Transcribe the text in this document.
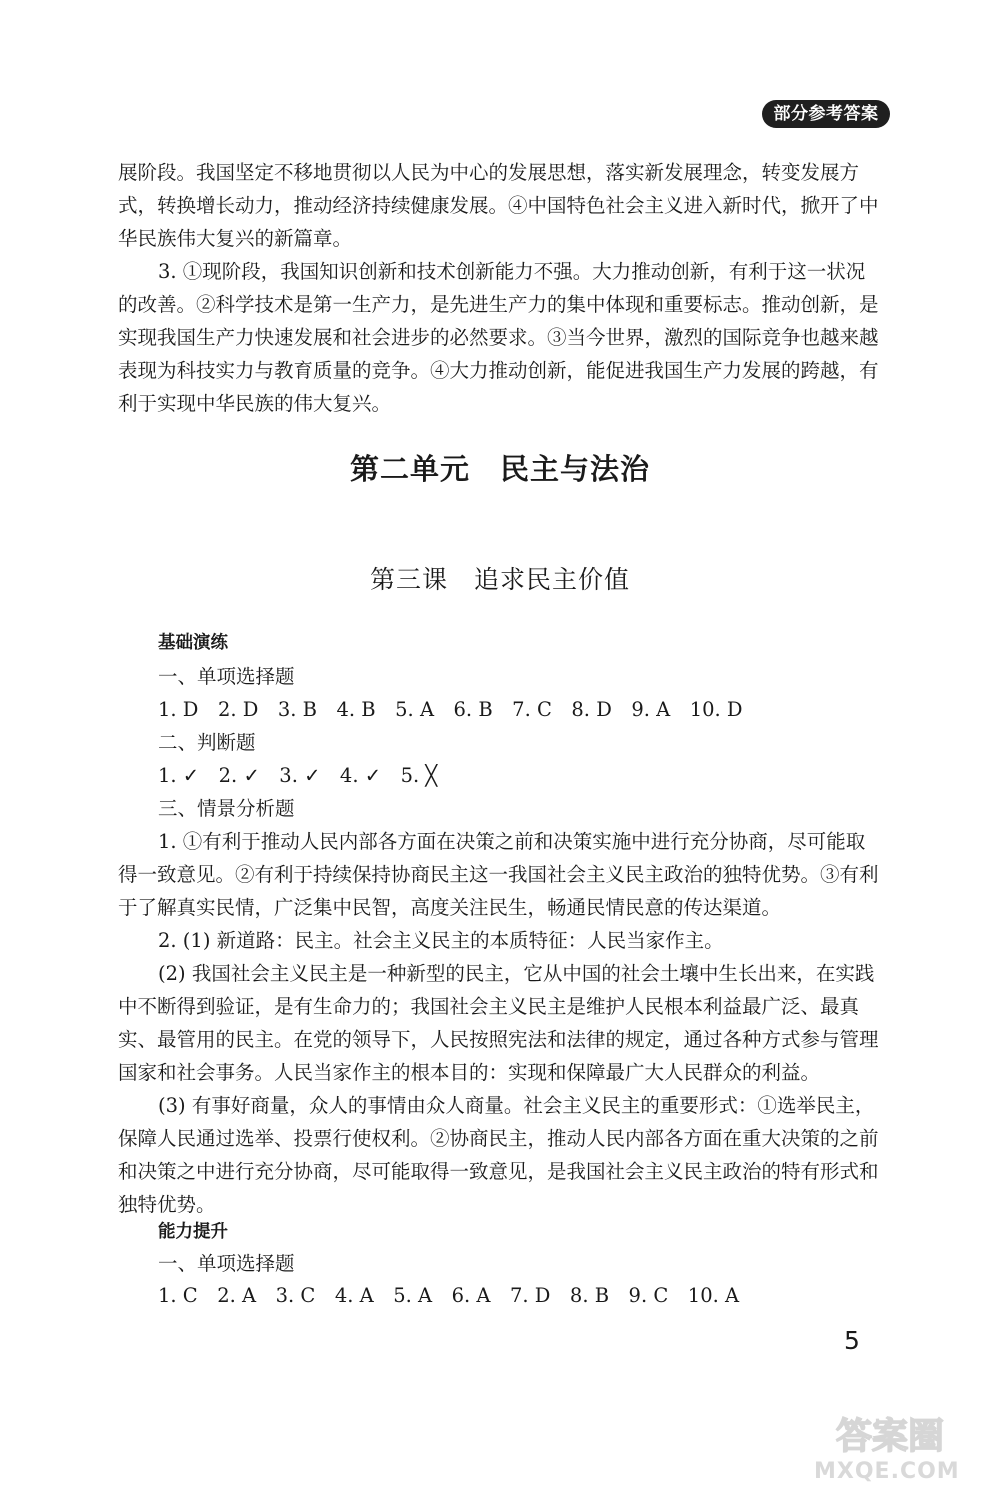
部分参考答案
展阶段。我国坚定不移地贯彻以人民为中心的发展思想，落实新发展理念，转变发展方
式，转换增长动力，推动经济持续健康发展。④中国特色社会主义进入新时代，掀开了中
华民族伟大复兴的新篇章。
3. ①现阶段，我国知识创新和技术创新能力不强。大力推动创新，有利于这一状况
的改善。②科学技术是第一生产力，是先进生产力的集中体现和重要标志。推动创新，是
实现我国生产力快速发展和社会进步的必然要求。③当今世界，激烈的国际竞争也越来越
表现为科技实力与教育质量的竞争。④大力推动创新，能促进我国生产力发展的跨越，有
利于实现中华民族的伟大复兴。
第二单元　民主与法治
第三课　追求民主价值
基础演练
一、单项选择题
1. D　2. D　3. B　4. B　5. A　6. B　7. C　8. D　9. A　10. D
二、判断题
1. ✓　2. ✓　3. ✓　4. ✓　5. ╳
三、情景分析题
1. ①有利于推动人民内部各方面在决策之前和决策实施中进行充分协商，尽可能取
得一致意见。②有利于持续保持协商民主这一我国社会主义民主政治的独特优势。③有利
于了解真实民情，广泛集中民智，高度关注民生，畅通民情民意的传达渠道。
2. (1) 新道路：民主。社会主义民主的本质特征：人民当家作主。
(2) 我国社会主义民主是一种新型的民主，它从中国的社会土壤中生长出来，在实践
中不断得到验证，是有生命力的；我国社会主义民主是维护人民根本利益最广泛、最真
实、最管用的民主。在党的领导下，人民按照宪法和法律的规定，通过各种方式参与管理
国家和社会事务。人民当家作主的根本目的：实现和保障最广大人民群众的利益。
(3) 有事好商量，众人的事情由众人商量。社会主义民主的重要形式：①选举民主，
保障人民通过选举、投票行使权利。②协商民主，推动人民内部各方面在重大决策的之前
和决策之中进行充分协商，尽可能取得一致意见，是我国社会主义民主政治的特有形式和
独特优势。
能力提升
一、单项选择题
1. C　2. A　3. C　4. A　5. A　6. A　7. D　8. B　9. C　10. A
5
答案圈
MXQE.COM
